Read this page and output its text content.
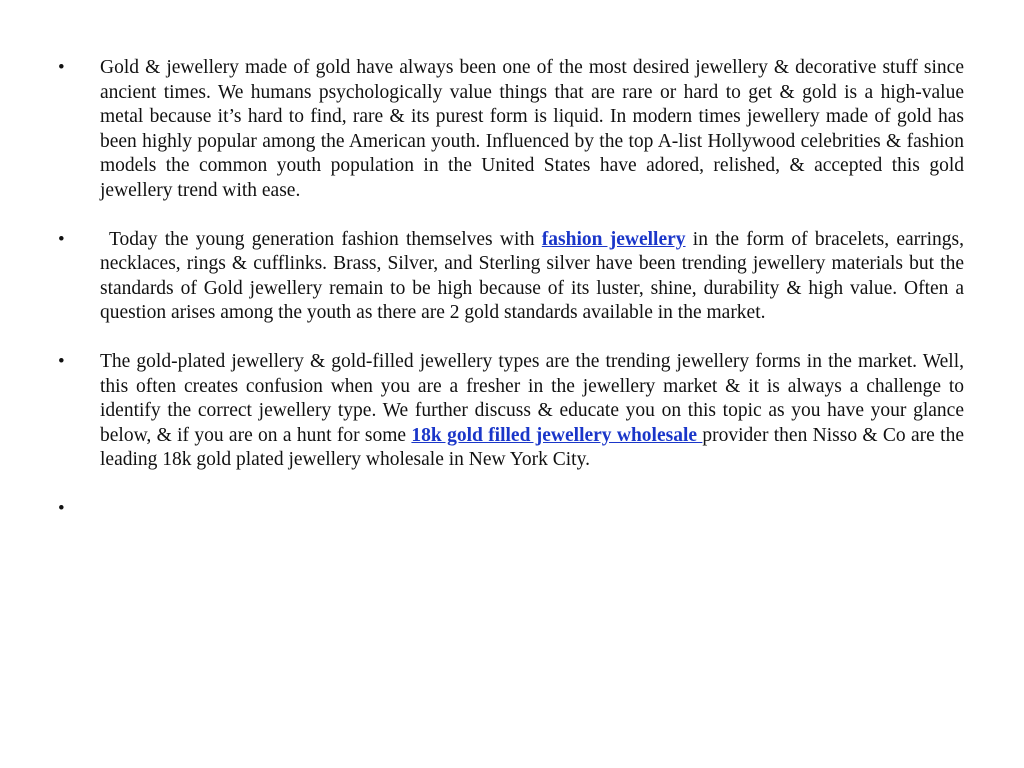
• Gold & jewellery made of gold have always been one of the most desired jewellery & decorative stuff since ancient times. We humans psychologically value things that are rare or hard to get & gold is a high-value metal because it’s hard to find, rare & its purest form is liquid. In modern times jewellery made of gold has been highly popular among the American youth. Influenced by the top A-list Hollywood celebrities & fashion models the common youth population in the United States have adored, relished, & accepted this gold jewellery trend with ease.
• Today the young generation fashion themselves with fashion jewellery in the form of bracelets, earrings, necklaces, rings & cufflinks. Brass, Silver, and Sterling silver have been trending jewellery materials but the standards of Gold jewellery remain to be high because of its luster, shine, durability & high value. Often a question arises among the youth as there are 2 gold standards available in the market.
• The gold-plated jewellery & gold-filled jewellery types are the trending jewellery forms in the market. Well, this often creates confusion when you are a fresher in the jewellery market & it is always a challenge to identify the correct jewellery type. We further discuss & educate you on this topic as you have your glance below, & if you are on a hunt for some 18k gold filled jewellery wholesale provider then Nisso & Co are the leading 18k gold plated jewellery wholesale in New York City.
•
